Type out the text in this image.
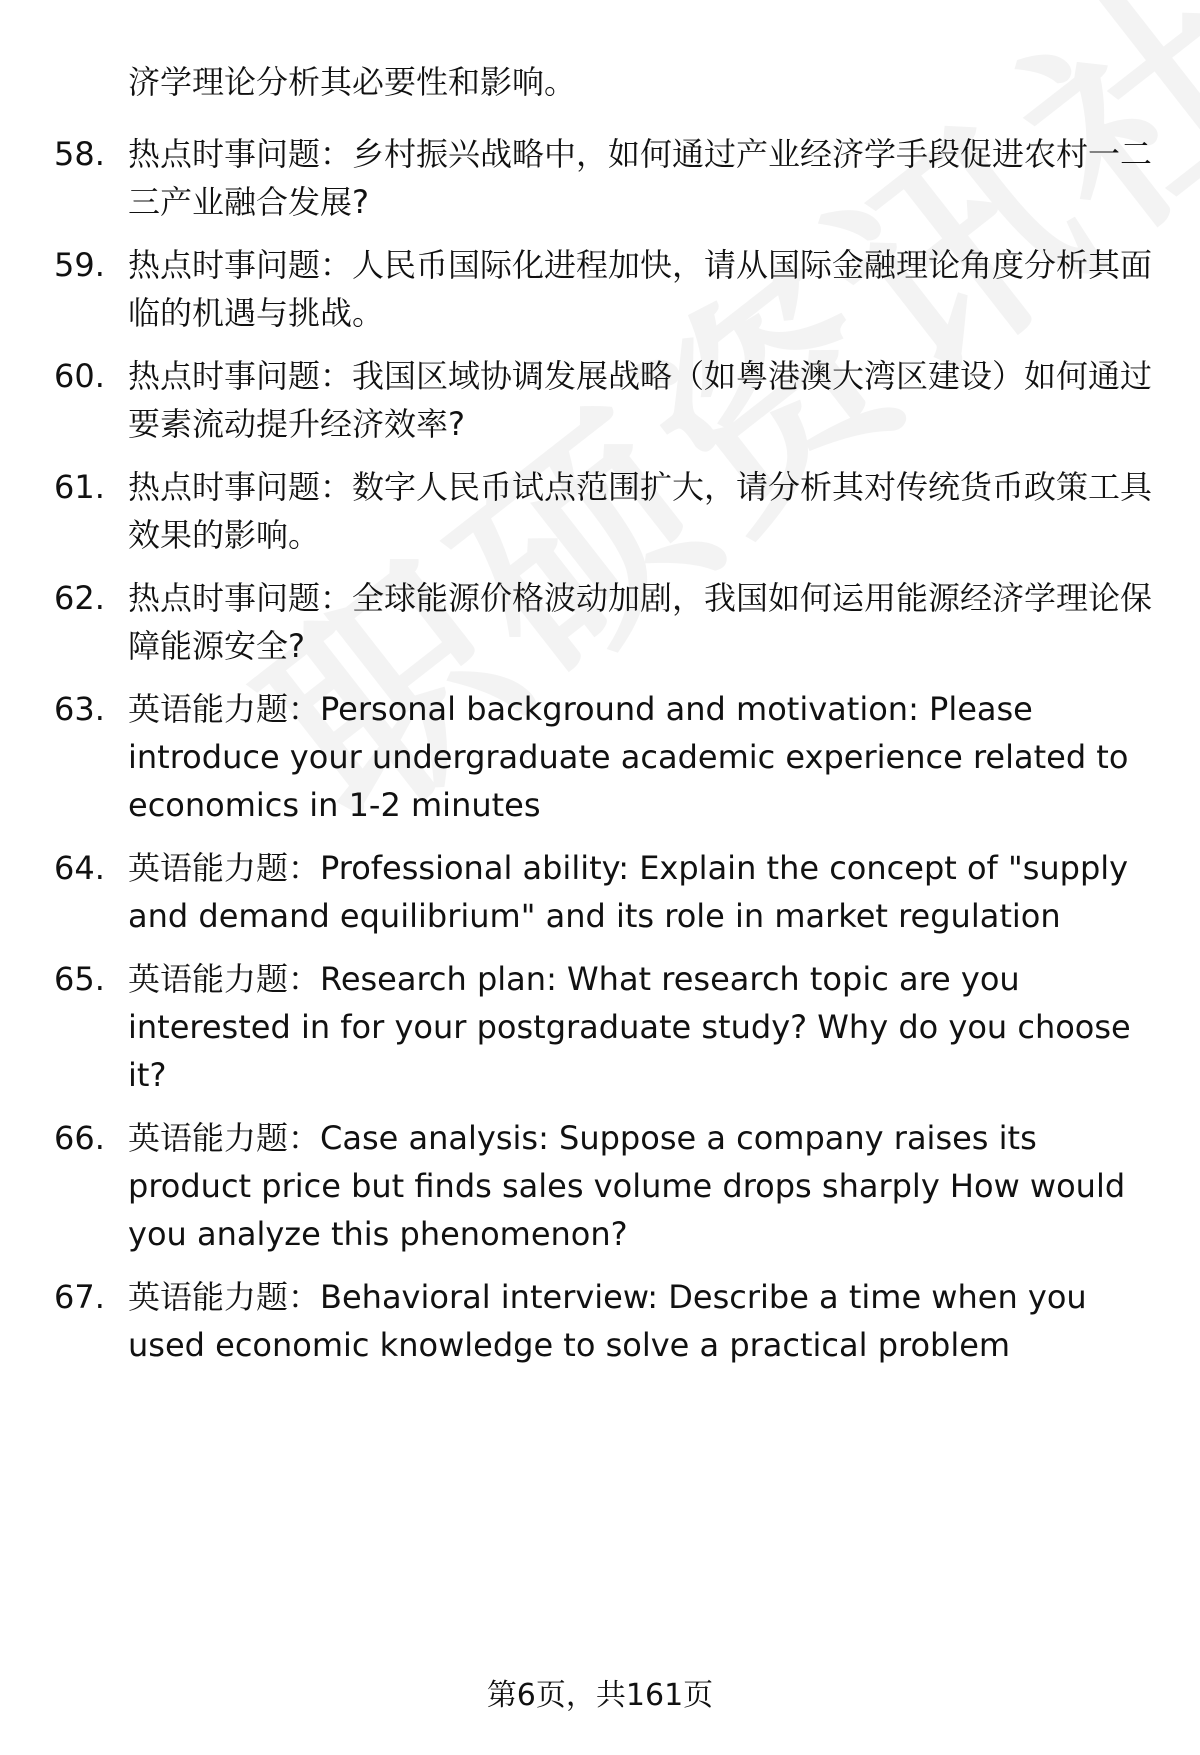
济学理论分析其必要性和影响。

58. 热点时事问题：乡村振兴战略中，如何通过产业经济学手段促进农村一二三产业融合发展?
59. 热点时事问题：人民币国际化进程加快，请从国际金融理论角度分析其面临的机遇与挑战。
60. 热点时事问题：我国区域协调发展战略（如粤港澳大湾区建设）如何通过要素流动提升经济效率?
61. 热点时事问题：数字人民币试点范围扩大，请分析其对传统货币政策工具效果的影响。
62. 热点时事问题：全球能源价格波动加剧，我国如何运用能源经济学理论保障能源安全?
63. 英语能力题：Personal background and motivation: Please introduce your undergraduate academic experience related to economics in 1-2 minutes
64. 英语能力题：Professional ability: Explain the concept of "supply and demand equilibrium" and its role in market regulation
65. 英语能力题：Research plan: What research topic are you interested in for your postgraduate study? Why do you choose it?
66. 英语能力题：Case analysis: Suppose a company raises its product price but finds sales volume drops sharply How would you analyze this phenomenon?
67. 英语能力题：Behavioral interview: Describe a time when you used economic knowledge to solve a practical problem
第6页，共161页
